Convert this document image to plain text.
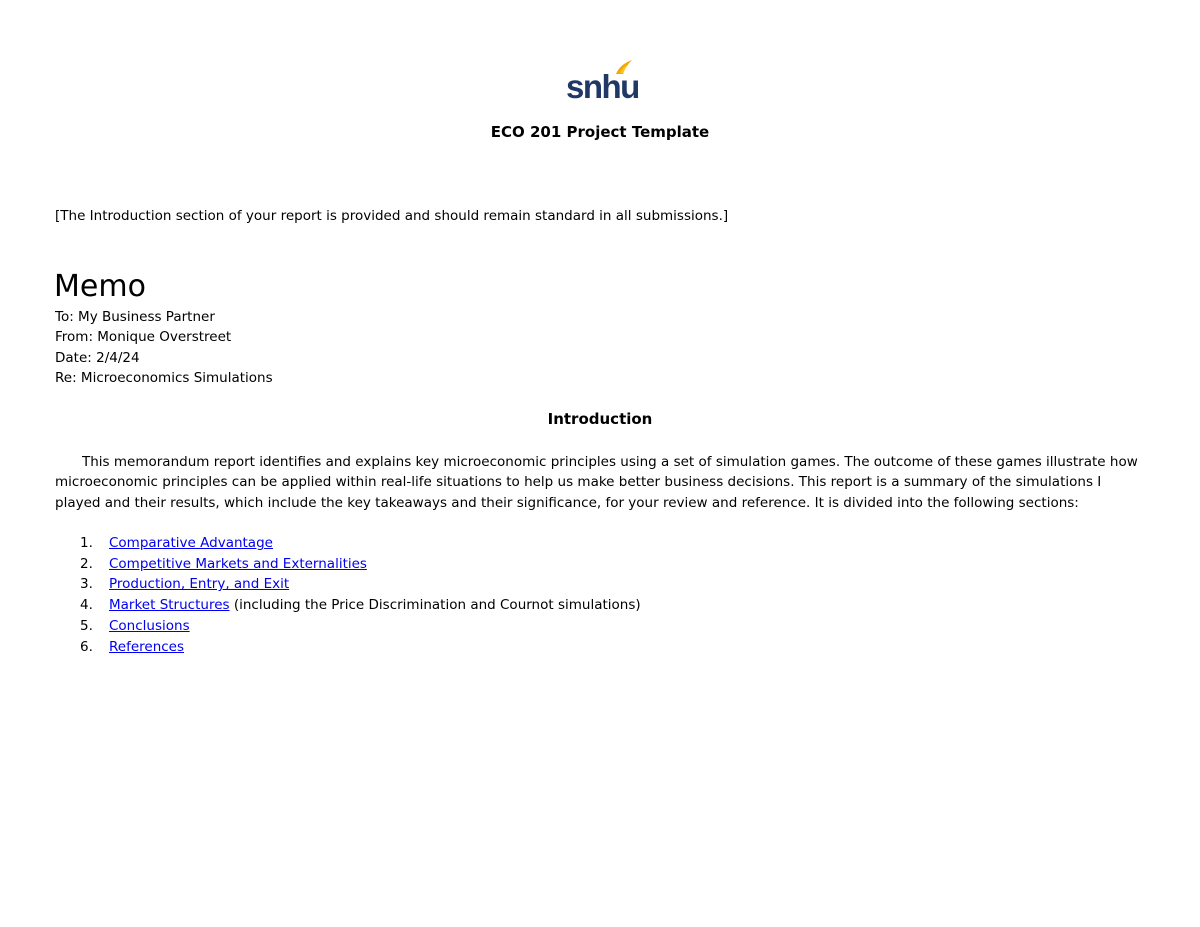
snhu
ECO 201 Project Template
[The Introduction section of your report is provided and should remain standard in all submissions.]
Memo
To: My Business Partner
From: Monique Overstreet
Date: 2/4/24
Re: Microeconomics Simulations
Introduction
This memorandum report identifies and explains key microeconomic principles using a set of simulation games. The outcome of these games illustrate how microeconomic principles can be applied within real-life situations to help us make better business decisions. This report is a summary of the simulations I played and their results, which include the key takeaways and their significance, for your review and reference. It is divided into the following sections:
1. Comparative Advantage
2. Competitive Markets and Externalities
3. Production, Entry, and Exit
4. Market Structures (including the Price Discrimination and Cournot simulations)
5. Conclusions
6. References
